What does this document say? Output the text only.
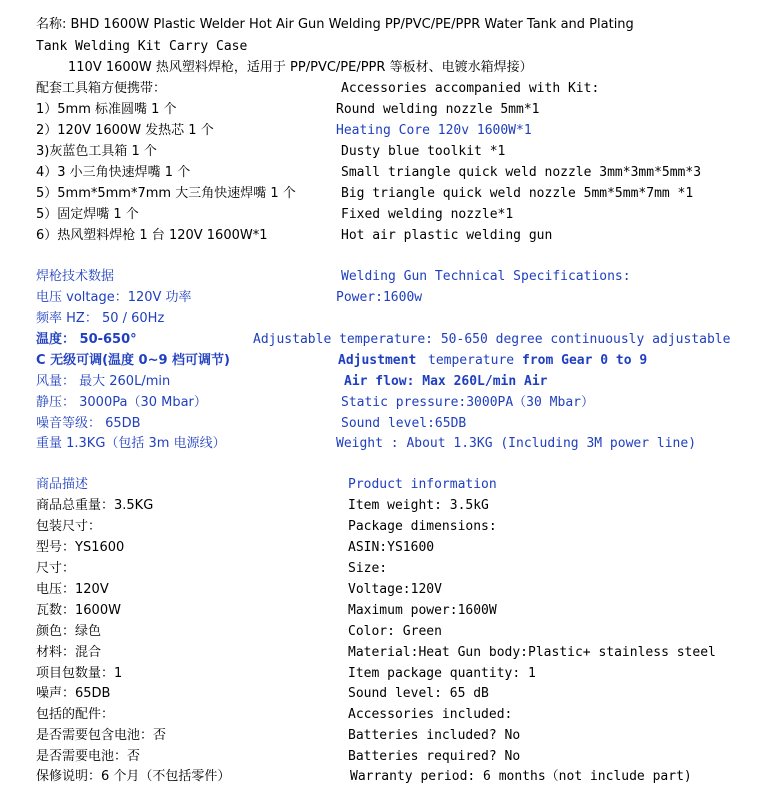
名称: BHD 1600W Plastic Welder Hot Air Gun Welding PP/PVC/PE/PPR Water Tank and Plating
Tank Welding Kit Carry Case
110V 1600W 热风塑料焊枪，适用于 PP/PVC/PE/PPR 等板材、电镀水箱焊接）
配套工具箱方便携带：	Accessories accompanied with Kit:
1）5mm 标准圆嘴 1 个	Round welding nozzle 5mm*1
2）120V 1600W 发热芯 1 个	Heating Core 120v 1600W*1
3)灰蓝色工具箱 1 个	Dusty blue toolkit *1
4）3 小三角快速焊嘴 1 个	Small triangle quick weld nozzle 3mm*3mm*5mm*3
5）5mm*5mm*7mm 大三角快速焊嘴 1 个	Big triangle quick weld nozzle 5mm*5mm*7mm *1
5）固定焊嘴 1 个	Fixed welding nozzle*1
6）热风塑料焊枪 1 台 120V 1600W*1	Hot air plastic welding gun
焊枪技术数据	Welding Gun Technical Specifications:
电压 voltage：120V 功率	Power:1600w
频率 HZ： 50 / 60Hz
温度： 50-650°	Adjustable temperature: 50-650 degree continuously adjustable
C 无级可调(温度 0~9 档可调节)	Adjustment temperature from Gear 0 to 9
风量： 最大 260L/min	Air flow: Max 260L/min Air
静压： 3000Pa（30 Mbar）	Static pressure:3000PA（30 Mbar）
噪音等级： 65DB	Sound level:65DB
重量 1.3KG（包括 3m 电源线）	Weight : About 1.3KG (Including 3M power line)
商品描述	Product information
商品总重量：3.5KG	Item weight: 3.5kG
包装尺寸：	Package dimensions:
型号：YS1600	ASIN:YS1600
尺寸：	Size:
电压：120V	Voltage:120V
瓦数：1600W	Maximum power:1600W
颜色：绿色	Color: Green
材料：混合	Material:Heat Gun body:Plastic+ stainless steel
项目包数量：1	Item package quantity: 1
噪声：65DB	Sound level: 65 dB
包括的配件：	Accessories included:
是否需要包含电池：否	Batteries included? No
是否需要电池：否	Batteries required? No
保修说明：6 个月（不包括零件）	Warranty period: 6 months（not include part)
